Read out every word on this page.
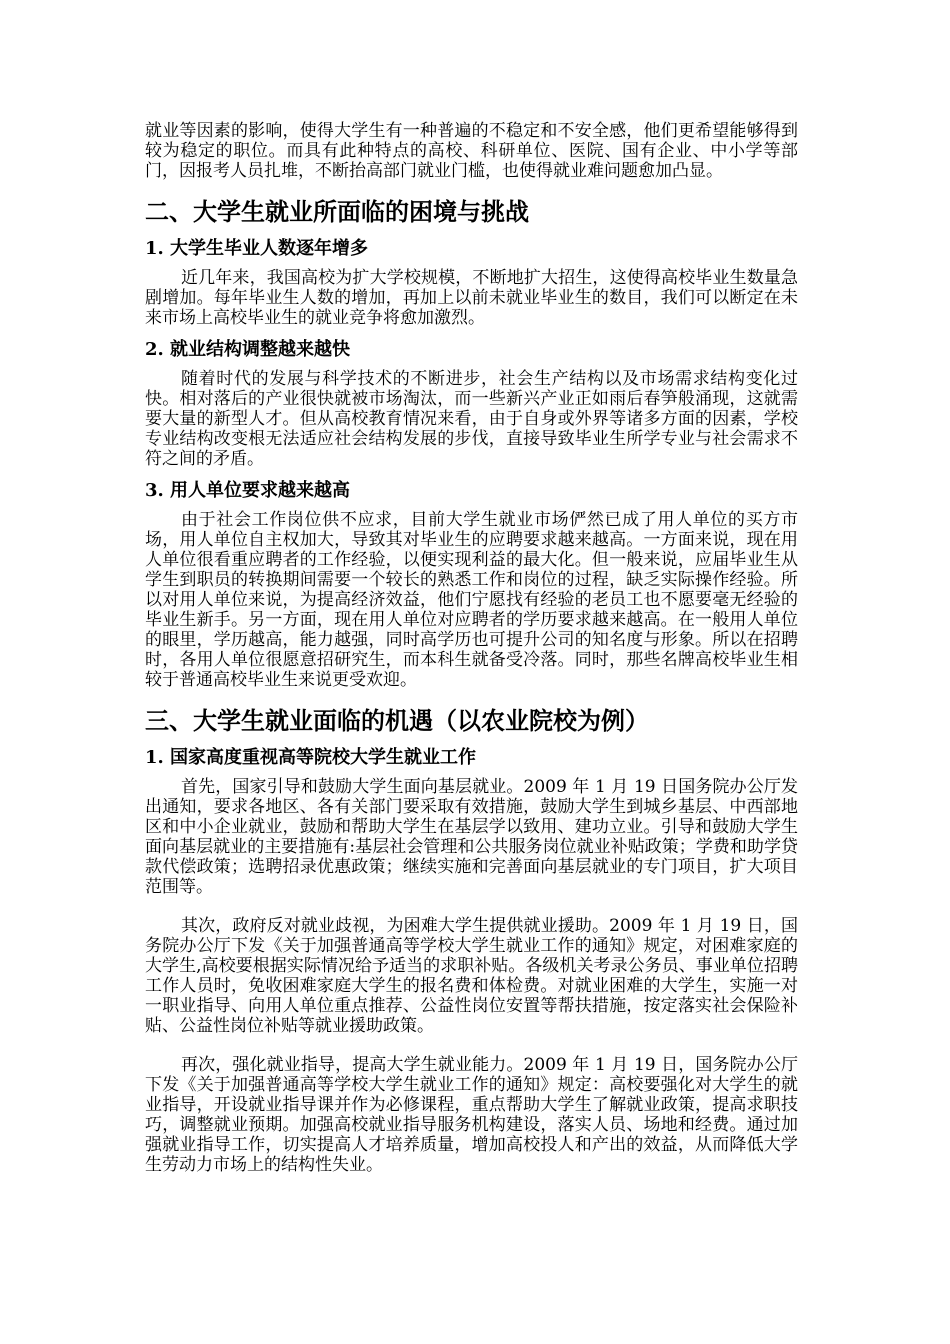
就业等因素的影响，使得大学生有一种普遍的不稳定和不安全感，他们更希望能够得到较为稳定的职位。而具有此种特点的高校、科研单位、医院、国有企业、中小学等部门，因报考人员扎堆，不断抬高部门就业门槛，也使得就业难问题愈加凸显。

二、大学生就业所面临的困境与挑战
1. 大学生毕业人数逐年增多

近几年来，我国高校为扩大学校规模，不断地扩大招生，这使得高校毕业生数量急剧增加。每年毕业生人数的增加，再加上以前未就业毕业生的数目，我们可以断定在未来市场上高校毕业生的就业竞争将愈加激烈。

2. 就业结构调整越来越快

随着时代的发展与科学技术的不断进步，社会生产结构以及市场需求结构变化过快。相对落后的产业很快就被市场淘汰，而一些新兴产业正如雨后春笋般涌现，这就需要大量的新型人才。但从高校教育情况来看，由于自身或外界等诸多方面的因素，学校专业结构改变根无法适应社会结构发展的步伐，直接导致毕业生所学专业与社会需求不符之间的矛盾。

3. 用人单位要求越来越高

由于社会工作岗位供不应求，目前大学生就业市场俨然已成了用人单位的买方市场，用人单位自主权加大，导致其对毕业生的应聘要求越来越高。一方面来说，现在用人单位很看重应聘者的工作经验，以便实现利益的最大化。但一般来说，应届毕业生从学生到职员的转换期间需要一个较长的熟悉工作和岗位的过程，缺乏实际操作经验。所以对用人单位来说，为提高经济效益，他们宁愿找有经验的老员工也不愿要毫无经验的毕业生新手。另一方面，现在用人单位对应聘者的学历要求越来越高。在一般用人单位的眼里，学历越高，能力越强，同时高学历也可提升公司的知名度与形象。所以在招聘时，各用人单位很愿意招研究生，而本科生就备受冷落。同时，那些名牌高校毕业生相较于普通高校毕业生来说更受欢迎。

三、大学生就业面临的机遇（以农业院校为例）
1. 国家高度重视高等院校大学生就业工作

首先，国家引导和鼓励大学生面向基层就业。2009 年 1 月 19 日国务院办公厅发出通知，要求各地区、各有关部门要采取有效措施，鼓励大学生到城乡基层、中西部地区和中小企业就业，鼓励和帮助大学生在基层学以致用、建功立业。引导和鼓励大学生面向基层就业的主要措施有:基层社会管理和公共服务岗位就业补贴政策；学费和助学贷款代偿政策；选聘招录优惠政策；继续实施和完善面向基层就业的专门项目，扩大项目范围等。

其次，政府反对就业歧视，为困难大学生提供就业援助。2009 年 1 月 19 日，国务院办公厅下发《关于加强普通高等学校大学生就业工作的通知》规定，对困难家庭的大学生,高校要根据实际情况给予适当的求职补贴。各级机关考录公务员、事业单位招聘工作人员时，免收困难家庭大学生的报名费和体检费。对就业困难的大学生，实施一对一职业指导、向用人单位重点推荐、公益性岗位安置等帮扶措施，按定落实社会保险补贴、公益性岗位补贴等就业援助政策。

再次，强化就业指导，提高大学生就业能力。2009 年 1 月 19 日，国务院办公厅下发《关于加强普通高等学校大学生就业工作的通知》规定：高校要强化对大学生的就业指导，开设就业指导课并作为必修课程，重点帮助大学生了解就业政策，提高求职技巧，调整就业预期。加强高校就业指导服务机构建设，落实人员、场地和经费。通过加强就业指导工作，切实提高人才培养质量，增加高校投人和产出的效益，从而降低大学生劳动力市场上的结构性失业。
